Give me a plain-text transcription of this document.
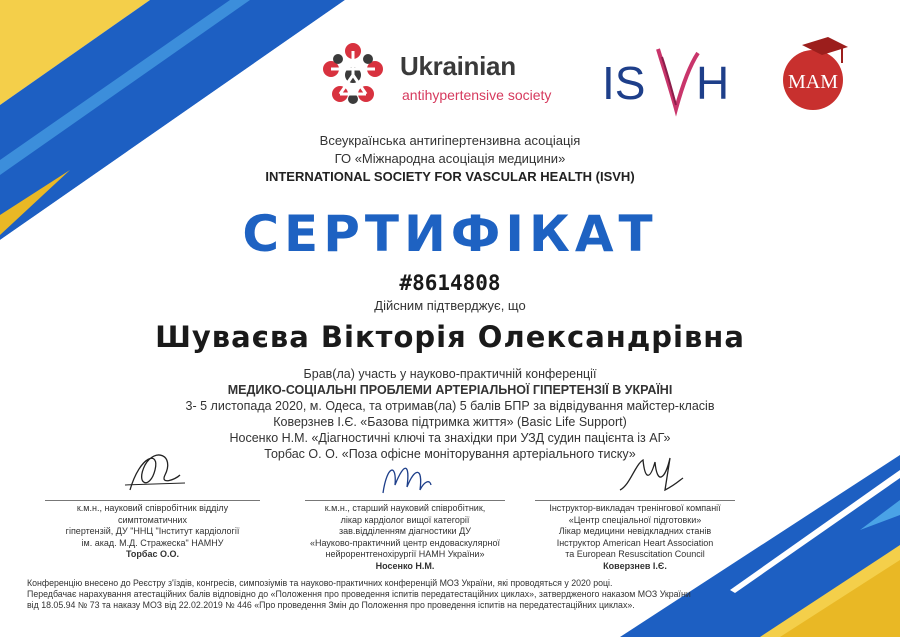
Ukrainian
antihypertensive society IS H	MAM
Всеукраїнська антигіпертензивна асоціація
ГО «Міжнародна асоціація медицини»
INTERNATIONAL SOCIETY FOR VASCULAR HEALTH (ISVH)
СЕРТИФІКАТ
#8614808
Дійсним підтверджує, що
Шуваєва Вікторія Олександрівна
Брав(ла) участь у науково-практичній конференції
МЕДИКО-СОЦІАЛЬНІ ПРОБЛЕМИ АРТЕРІАЛЬНОЇ ГІПЕРТЕНЗІЇ В УКРАЇНІ
3- 5 листопада 2020, м. Одеса, та отримав(ла) 5 балів БПР за відвідування майстер-класів
Коверзнев І.Є. «Базова підтримка життя» (Basic Life Support)
Носенко Н.М. «Діагностичні ключі та знахідки при УЗД судин пацієнта із АГ»
Торбас О. О. «Поза офісне моніторування артеріального тиску»
к.м.н., науковий співробітник відділу симптоматичних
гіпертензій, ДУ "ННЦ "Інститут кардіології
ім. акад. М.Д. Стражеска" НАМНУ
Торбас О.О.
к.м.н., старший науковий співробітник,
лікар кардіолог вищої категорії
зав.відділенням діагностики ДУ
«Науково-практичний центр ендоваскулярної
нейрорентгенохірургії НАМН України»
Носенко Н.М.
Інструктор-викладач тренінгової компанії
«Центр спеціальної підготовки»
Лікар медицини невідкладних станів
Інструктор American Heart Association
та European Resuscitation Council
Коверзнев І.Є.
Конференцію внесено до Реєстру з'їздів, конгресів, симпозіумів та науково-практичних конференцій МОЗ України, які проводяться у 2020 році.
Передбачає нарахування атестаційних балів відповідно до «Положення про проведення іспитів передатестаційних циклах», затвердженого наказом МОЗ України
від 18.05.94 № 73 та наказу МОЗ від 22.02.2019 № 446 «Про проведення Змін до Положення про проведення іспитів на передатестаційних циклах».
